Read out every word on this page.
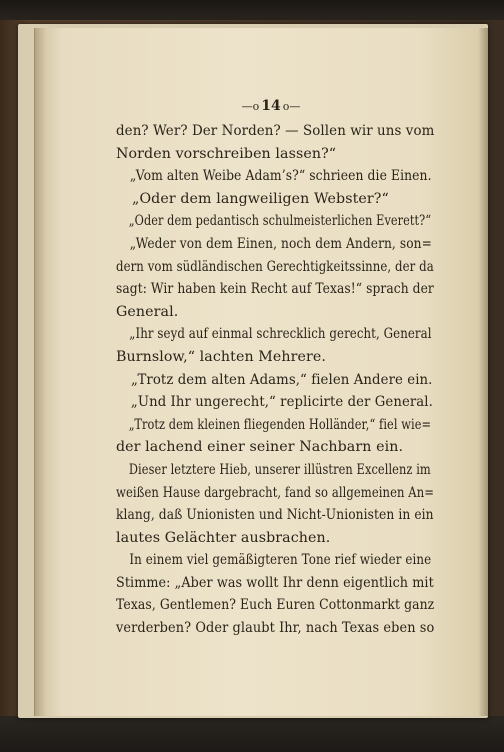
—o 14 o—
den? Wer? Der Norden? — Sollen wir uns vom
Norden vorschreiben lassen?“
„Vom alten Weibe Adam’s?“ schrieen die Einen.
„Oder dem langweiligen Webster?“
„Oder dem pedantisch schulmeisterlichen Everett?“
„Weder von dem Einen, noch dem Andern, son=
dern vom südländischen Gerechtigkeitssinne, der da
sagt: Wir haben kein Recht auf Texas!“ sprach der
General.
„Ihr seyd auf einmal schrecklich gerecht, General
Burnslow,“ lachten Mehrere.
„Trotz dem alten Adams,“ fielen Andere ein.
„Und Ihr ungerecht,“ replicirte der General.
„Trotz dem kleinen fliegenden Holländer,“ fiel wie=
der lachend einer seiner Nachbarn ein.
Dieser letztere Hieb, unserer illüstren Excellenz im
weißen Hause dargebracht, fand so allgemeinen An=
klang, daß Unionisten und Nicht-Unionisten in ein
lautes Gelächter ausbrachen.
In einem viel gemäßigteren Tone rief wieder eine
Stimme: „Aber was wollt Ihr denn eigentlich mit
Texas, Gentlemen? Euch Euren Cottonmarkt ganz
verderben? Oder glaubt Ihr, nach Texas eben so
